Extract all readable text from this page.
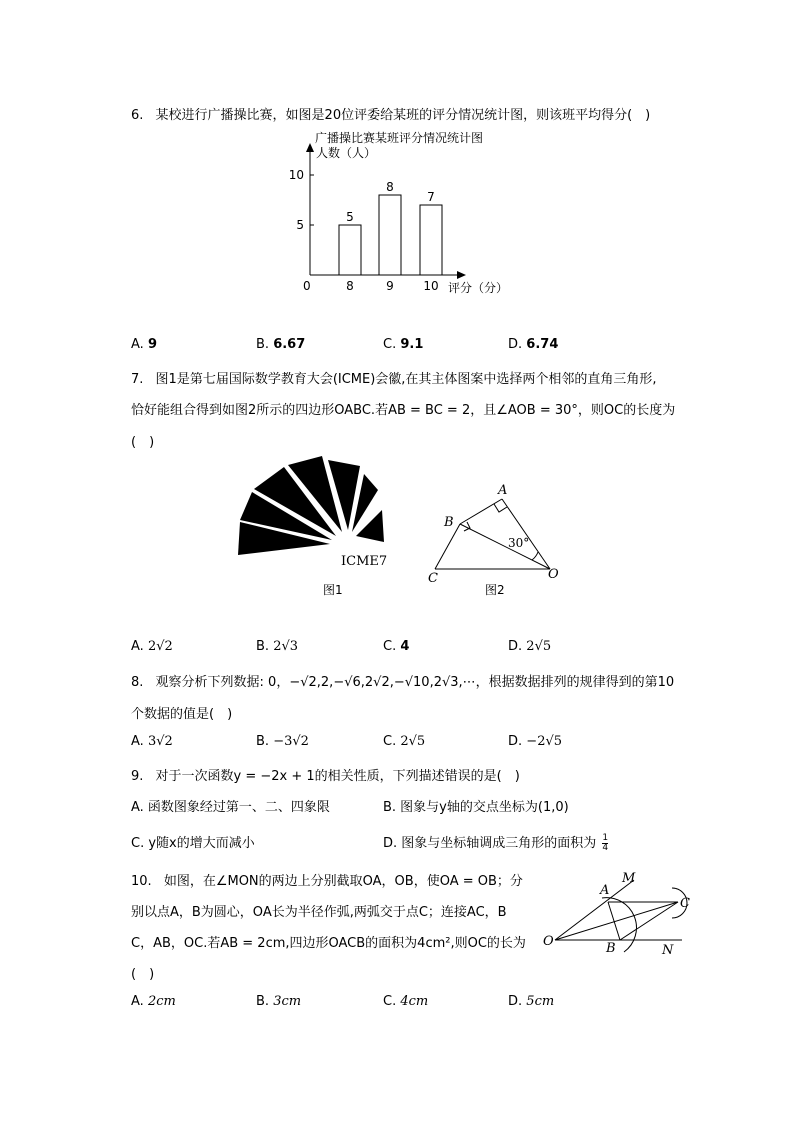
6. 某校进行广播操比赛，如图是20位评委给某班的评分情况统计图，则该班平均得分(　)
广播操比赛某班评分情况统计图
人数（人）
5
10
5
8
8
9
7
10 评分（分）
0
A. 9	B. 6.67	C. 9.1	D. 6.74
7. 图1是第七届国际数学教育大会(ICME)会徽,在其主体图案中选择两个相邻的直角三角形,
恰好能组合得到如图2所示的四边形OABC.若AB = BC = 2，且∠AOB = 30°，则OC的长度为
(　)
ICME7
图1
A
B
C	O
30°
图2
A. 2√2	B. 2√3	C. 4	D. 2√5
8. 观察分析下列数据: 0，−√2,2,−√6,2√2,−√10,2√3,⋯，根据数据排列的规律得到的第10
个数据的值是(　)
A. 3√2	B. −3√2	C. 2√5	D. −2√5
9. 对于一次函数y = −2x + 1的相关性质，下列描述错误的是(　)
A. 函数图象经过第一、二、四象限	B. 图象与y轴的交点坐标为(1,0)
C. y随x的增大而减小	D. 图象与坐标轴调成三角形的面积为 $\frac{1}{4}$
10. 如图，在∠MON的两边上分别截取OA，OB，使OA = OB；分
别以点A，B为圆心，OA长为半径作弧,两弧交于点C；连接AC，B
C，AB，OC.若AB = 2cm,四边形OACB的面积为4cm²,则OC的长为
(　)
A
M
C
O	B	N
A. 2cm	B. 3cm	C. 4cm	D. 5cm
